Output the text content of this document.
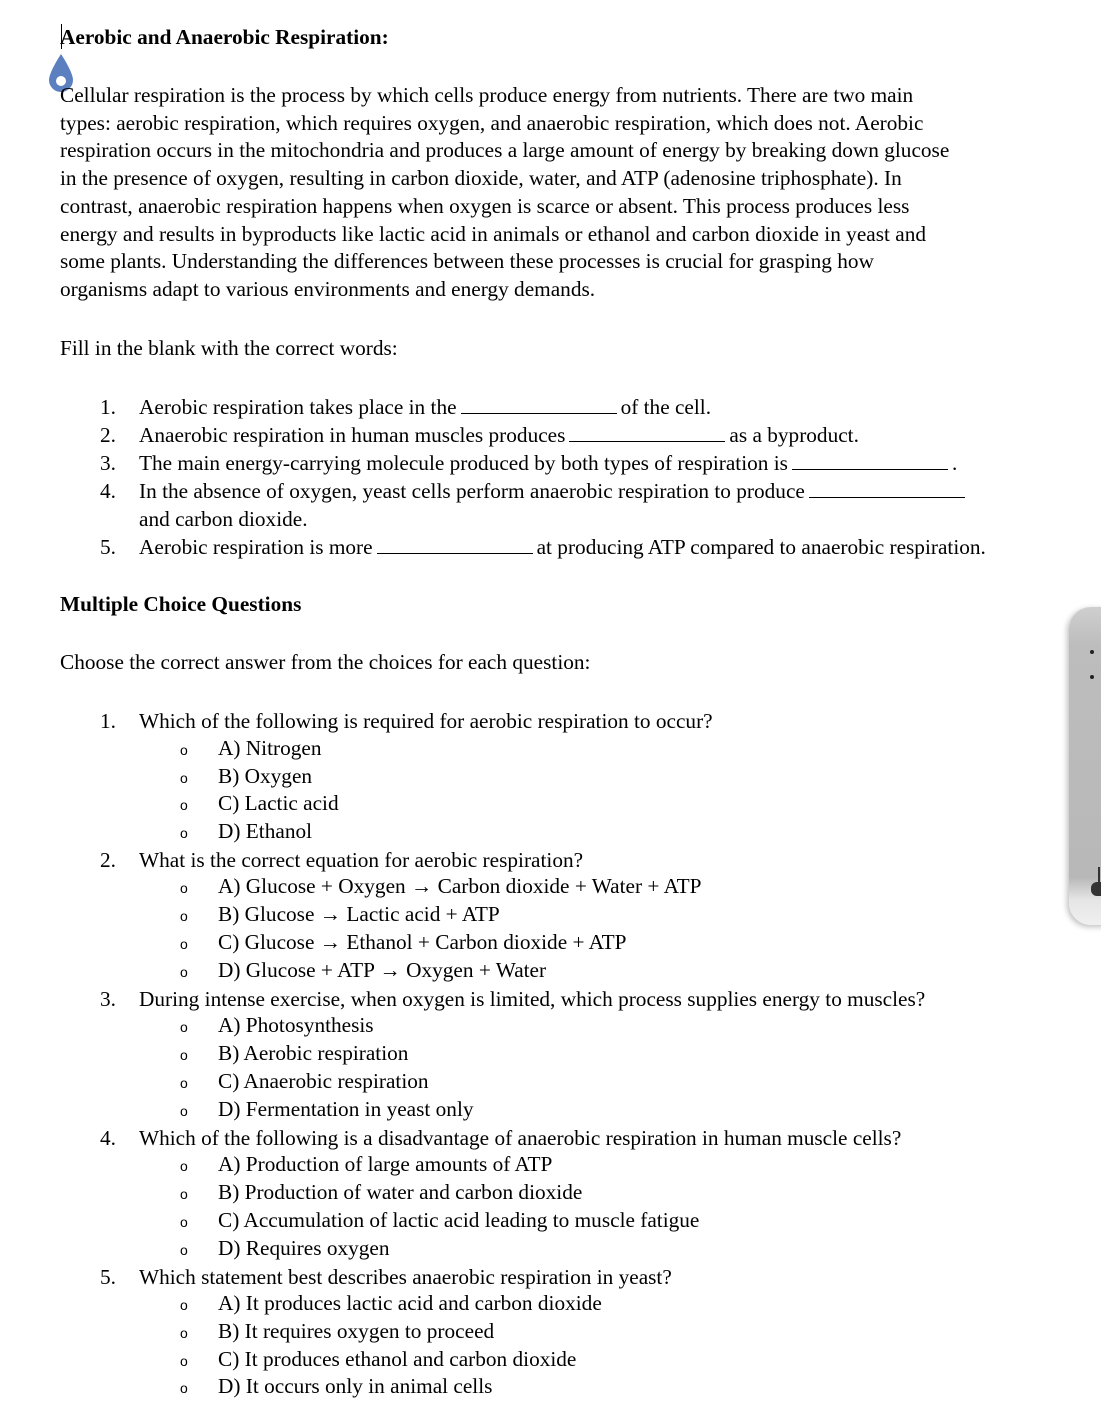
Aerobic and Anaerobic Respiration:

Cellular respiration is the process by which cells produce energy from nutrients. There are two main

types: aerobic respiration, which requires oxygen, and anaerobic respiration, which does not. Aerobic

respiration occurs in the mitochondria and produces a large amount of energy by breaking down glucose

in the presence of oxygen, resulting in carbon dioxide, water, and ATP (adenosine triphosphate). In

contrast, anaerobic respiration happens when oxygen is scarce or absent. This process produces less

energy and results in byproducts like lactic acid in animals or ethanol and carbon dioxide in yeast and

some plants. Understanding the differences between these processes is crucial for grasping how

organisms adapt to various environments and energy demands.

Fill in the blank with the correct words:
1. Aerobic respiration takes place in the	of the cell.
2. Anaerobic respiration in human muscles produces	as a byproduct.
3. The main energy-carrying molecule produced by both types of respiration is	.
4. In the absence of oxygen, yeast cells perform anaerobic respiration to produce
and carbon dioxide.
5. Aerobic respiration is more	at producing ATP compared to anaerobic respiration.
Multiple Choice Questions
Choose the correct answer from the choices for each question:
1. Which of the following is required for aerobic respiration to occur?
o A) Nitrogen
o B) Oxygen
o C) Lactic acid
o D) Ethanol
2. What is the correct equation for aerobic respiration?
o A) Glucose + Oxygen → Carbon dioxide + Water + ATP
o B) Glucose → Lactic acid + ATP
o C) Glucose → Ethanol + Carbon dioxide + ATP
o D) Glucose + ATP → Oxygen + Water
3. During intense exercise, when oxygen is limited, which process supplies energy to muscles?
o A) Photosynthesis
o B) Aerobic respiration
o C) Anaerobic respiration
o D) Fermentation in yeast only
4. Which of the following is a disadvantage of anaerobic respiration in human muscle cells?
o A) Production of large amounts of ATP
o B) Production of water and carbon dioxide
o C) Accumulation of lactic acid leading to muscle fatigue
o D) Requires oxygen
5. Which statement best describes anaerobic respiration in yeast?
o A) It produces lactic acid and carbon dioxide
o B) It requires oxygen to proceed
o C) It produces ethanol and carbon dioxide
o D) It occurs only in animal cells
